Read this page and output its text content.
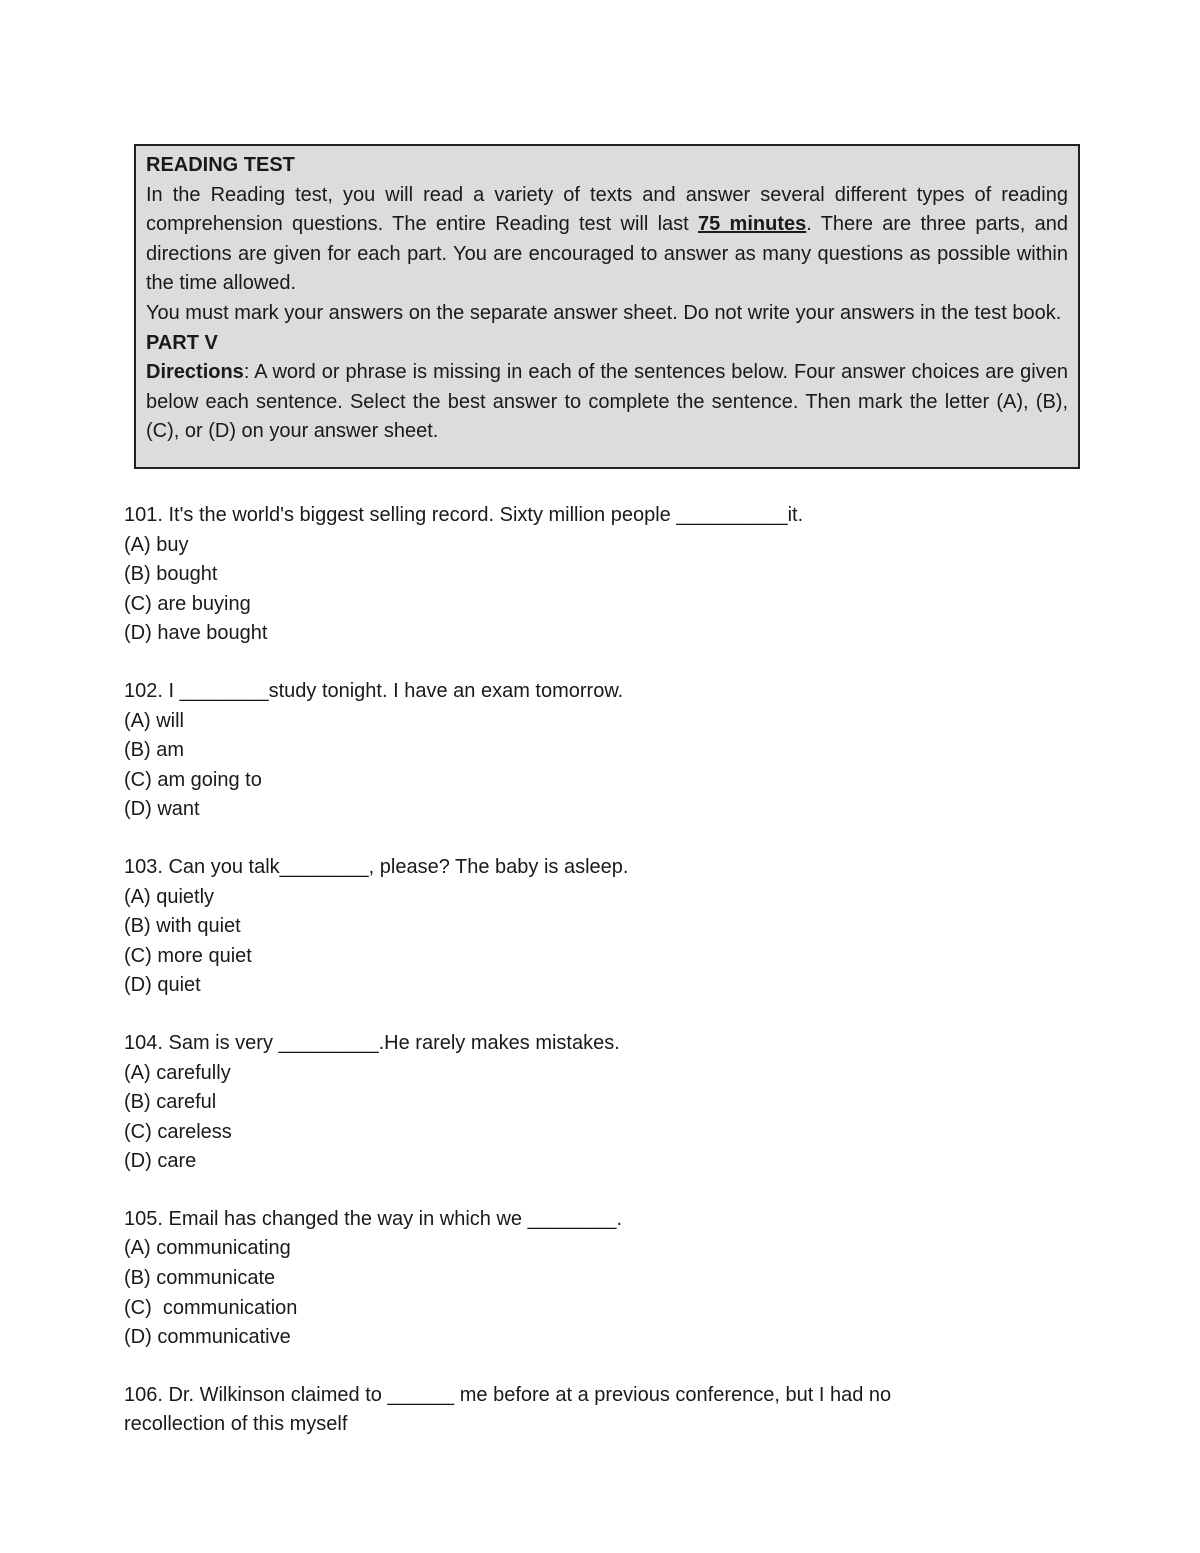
READING TEST

In the Reading test, you will read a variety of texts and answer several different types of reading comprehension questions. The entire Reading test will last 75 minutes. There are three parts, and directions are given for each part. You are encouraged to answer as many questions as possible within the time allowed.

You must mark your answers on the separate answer sheet. Do not write your answers in the test book.

PART V

Directions: A word or phrase is missing in each of the sentences below. Four answer choices are given below each sentence. Select the best answer to complete the sentence. Then mark the letter (A), (B), (C), or (D) on your answer sheet.

101. It's the world's biggest selling record. Sixty million people __________it.

(A) buy

(B) bought

(C) are buying

(D) have bought

102. I ________study tonight. I have an exam tomorrow.

(A) will

(B) am

(C) am going to

(D) want

103. Can you talk________, please? The baby is asleep.

(A) quietly

(B) with quiet

(C) more quiet

(D) quiet

104. Sam is very _________.He rarely makes mistakes.

(A) carefully

(B) careful

(C) careless

(D) care

105. Email has changed the way in which we ________.

(A) communicating

(B) communicate

(C)  communication

(D) communicative

106. Dr. Wilkinson claimed to ______ me before at a previous conference, but I had no recollection of this myself
